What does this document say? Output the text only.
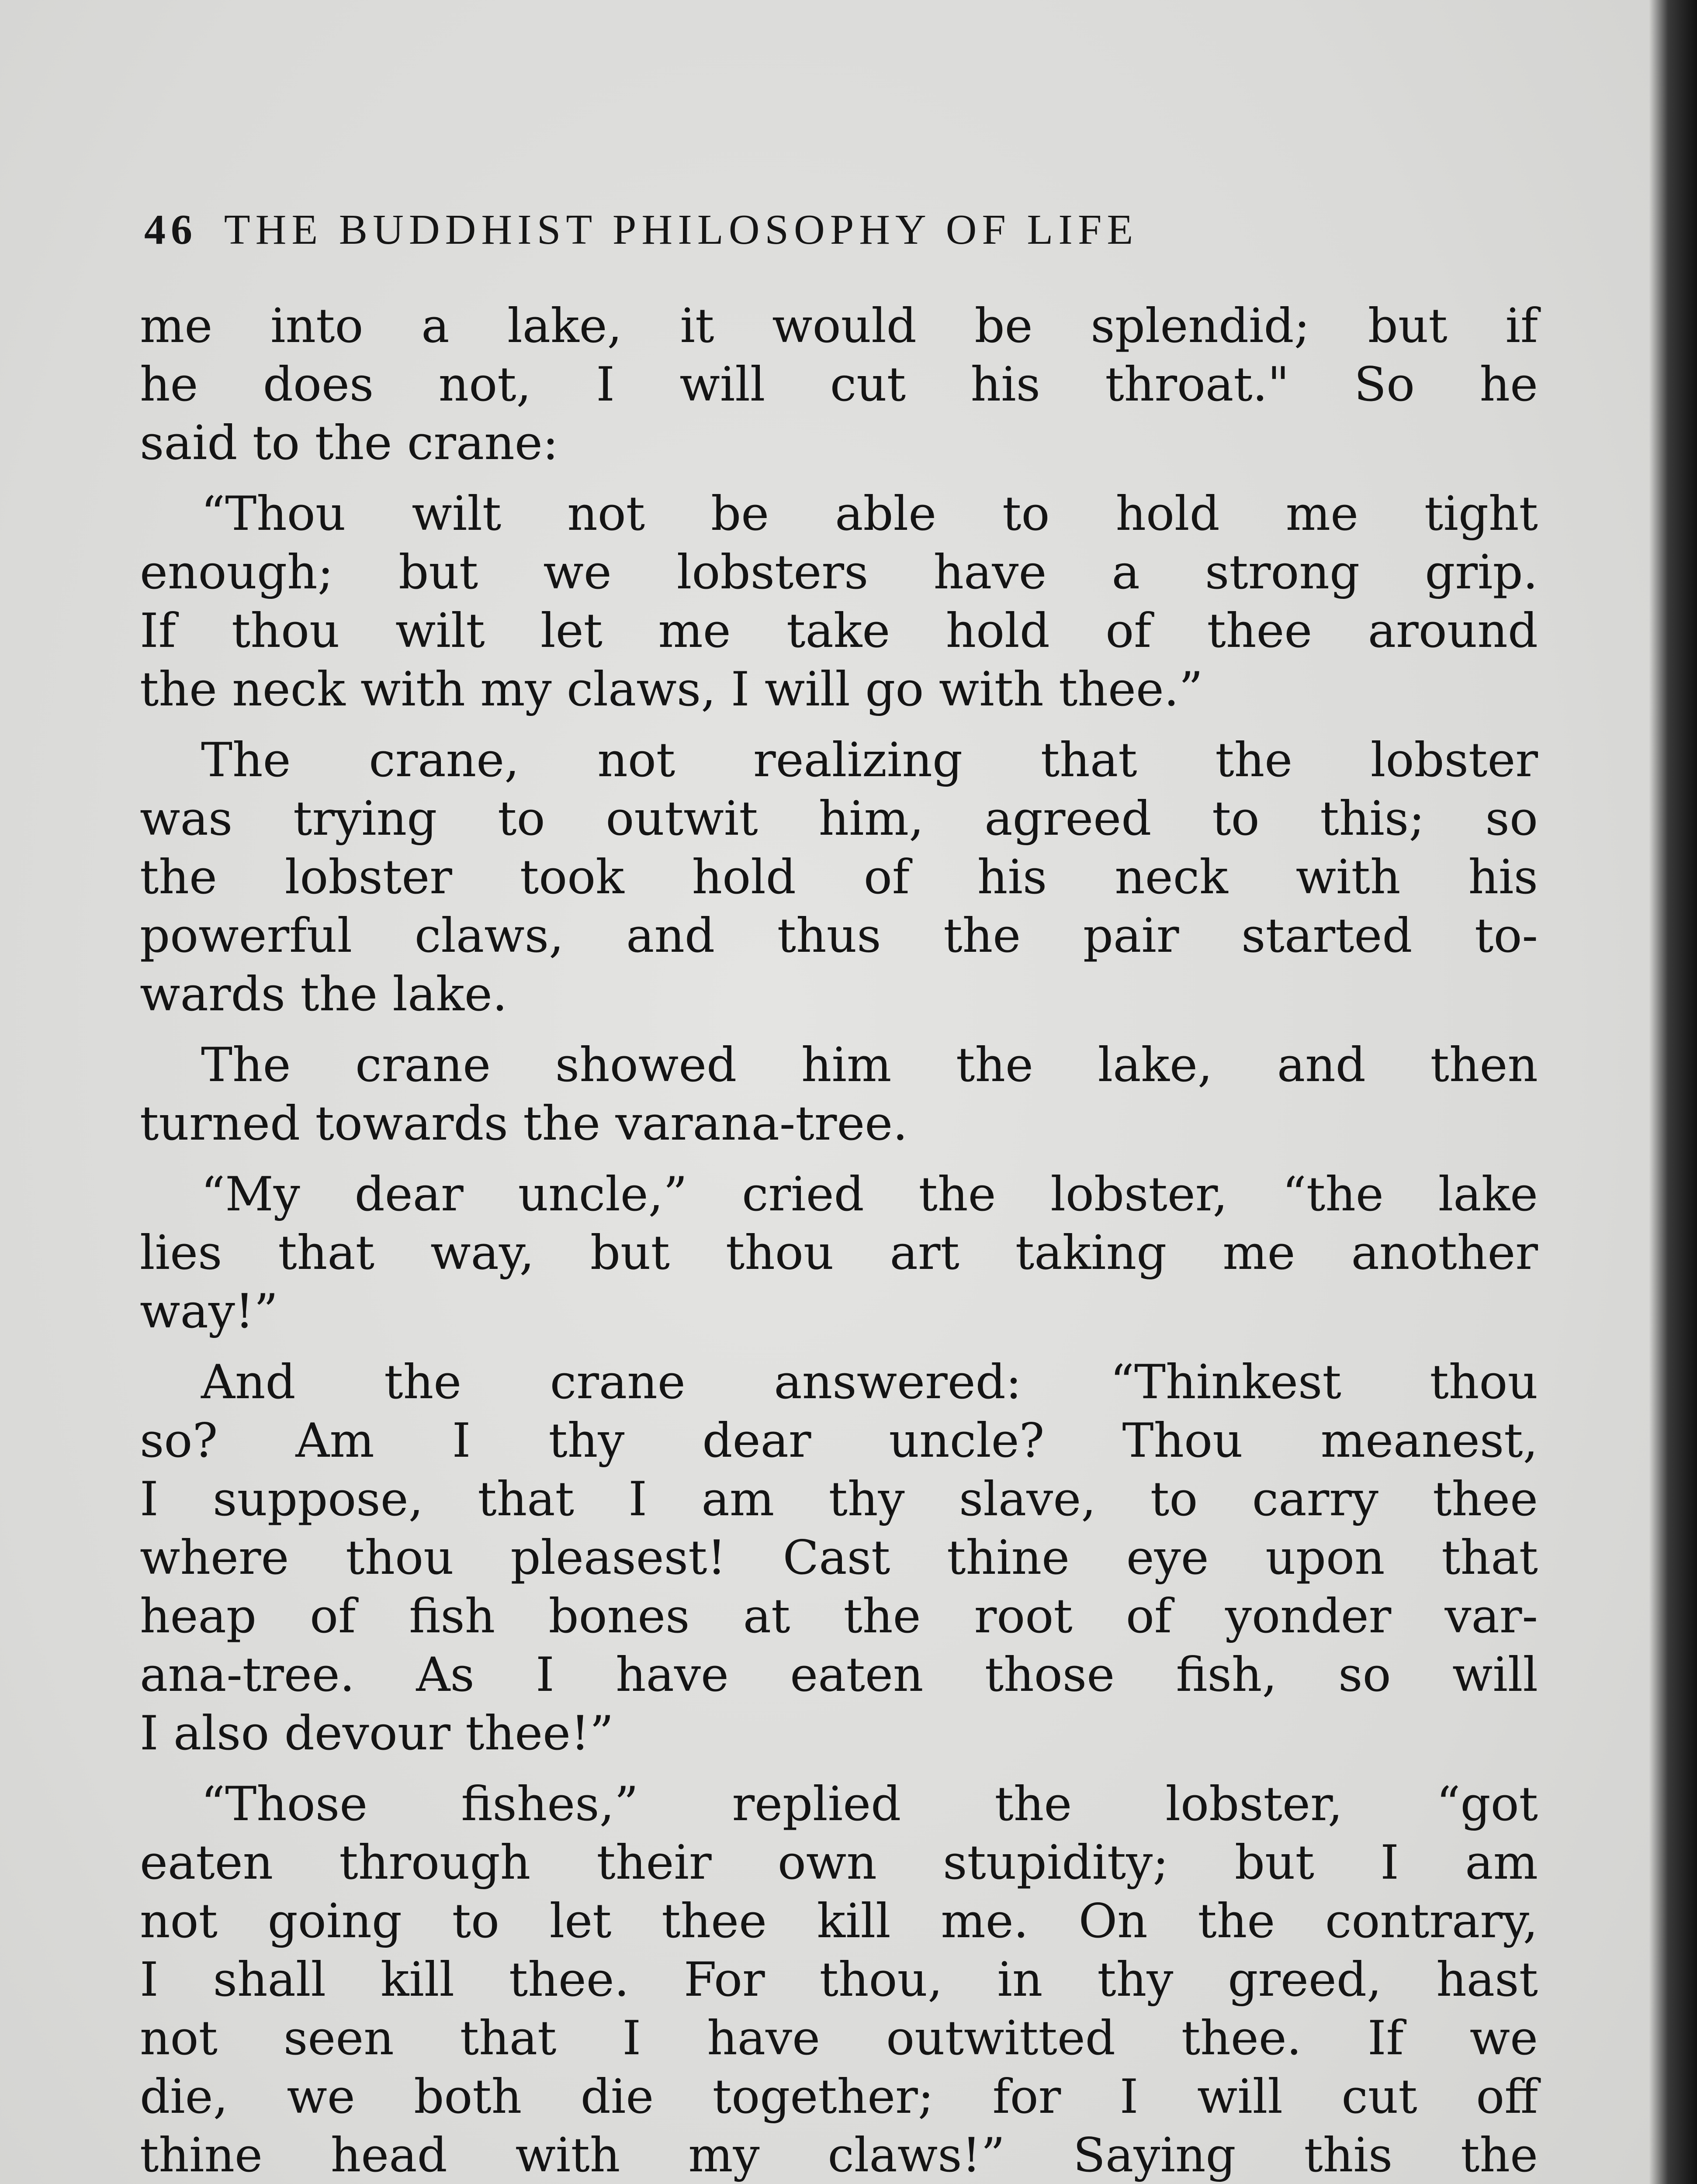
46 THE BUDDHIST PHILOSOPHY OF LIFE
me into a lake, it would be splendid; but if
he does not, I will cut his throat." So he
said to the crane:
“Thou wilt not be able to hold me tight
enough; but we lobsters have a strong grip.
If thou wilt let me take hold of thee around
the neck with my claws, I will go with thee.”
The crane, not realizing that the lobster
was trying to outwit him, agreed to this; so
the lobster took hold of his neck with his
powerful claws, and thus the pair started to-
wards the lake.
The crane showed him the lake, and then
turned towards the varana-tree.
“My dear uncle,” cried the lobster, “the lake
lies that way, but thou art taking me another
way!”
And the crane answered: “Thinkest thou
so? Am I thy dear uncle? Thou meanest,
I suppose, that I am thy slave, to carry thee
where thou pleasest! Cast thine eye upon that
heap of fish bones at the root of yonder var-
ana-tree. As I have eaten those fish, so will
I also devour thee!”
“Those fishes,” replied the lobster, “got
eaten through their own stupidity; but I am
not going to let thee kill me. On the contrary,
I shall kill thee. For thou, in thy greed, hast
not seen that I have outwitted thee. If we
die, we both die together; for I will cut off
thine head with my claws!” Saying this the
